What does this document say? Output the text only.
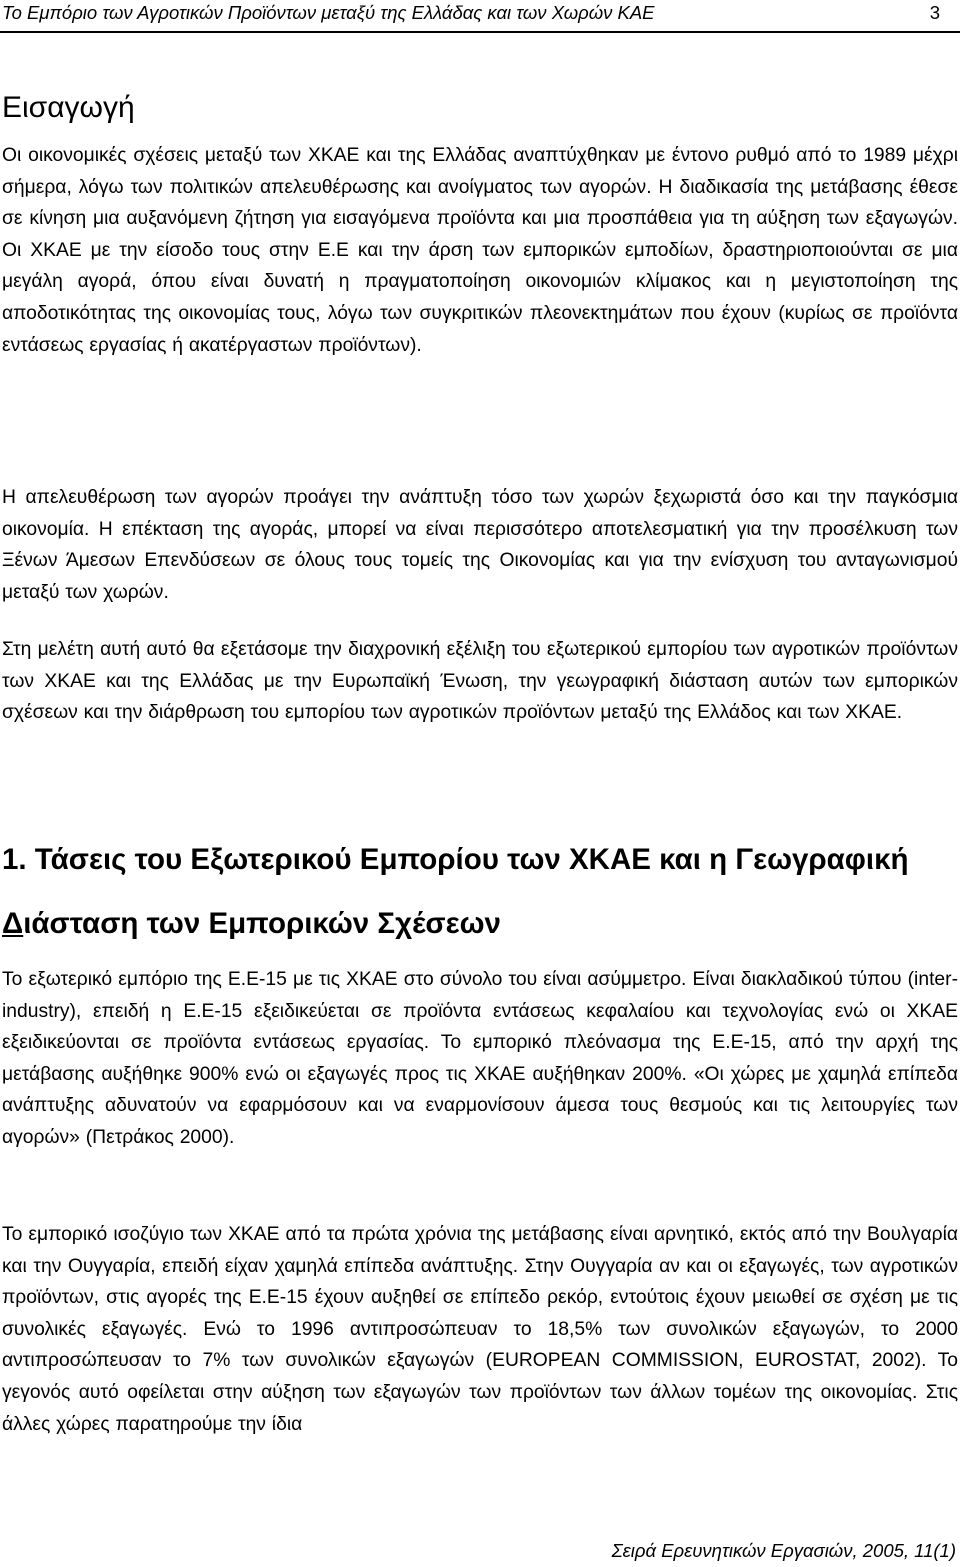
Το Εμπόριο των Αγροτικών Προϊόντων μεταξύ της Ελλάδας και των Χωρών ΚΑΕ	3
Εισαγωγή

Οι οικονομικές σχέσεις μεταξύ των ΧΚΑΕ και της Ελλάδας αναπτύχθηκαν με έντονο ρυθμό από το 1989 μέχρι σήμερα, λόγω των πολιτικών απελευθέρωσης και ανοίγματος των αγορών. Η διαδικασία της μετάβασης έθεσε σε κίνηση μια αυξανόμενη ζήτηση για εισαγόμενα προϊόντα και μια προσπάθεια για τη αύξηση των εξαγωγών. Οι ΧΚΑΕ με την είσοδο τους στην Ε.Ε και την άρση των εμπορικών εμποδίων, δραστηριοποιούνται σε μια μεγάλη αγορά, όπου είναι δυνατή η πραγματοποίηση οικονομιών κλίμακος και η μεγιστοποίηση της αποδοτικότητας της οικονομίας τους, λόγω των συγκριτικών πλεονεκτημάτων που έχουν (κυρίως σε προϊόντα εντάσεως εργασίας ή ακατέργαστων προϊόντων).

Η απελευθέρωση των αγορών προάγει την ανάπτυξη τόσο των χωρών ξεχωριστά όσο και την παγκόσμια οικονομία. Η επέκταση της αγοράς, μπορεί να είναι περισσότερο αποτελεσματική για την προσέλκυση των Ξένων Άμεσων Επενδύσεων σε όλους τους τομείς της Οικονομίας και για την ενίσχυση του ανταγωνισμού μεταξύ των χωρών.

Στη μελέτη αυτή αυτό θα εξετάσομε την διαχρονική εξέλιξη του εξωτερικού εμπορίου των αγροτικών προϊόντων των ΧΚΑΕ και της Ελλάδας με την Ευρωπαϊκή Ένωση, την γεωγραφική διάσταση αυτών των εμπορικών σχέσεων και την διάρθρωση του εμπορίου των αγροτικών προϊόντων μεταξύ της Ελλάδος και των ΧΚΑΕ.

1. Τάσεις του Εξωτερικού Εμπορίου των ΧΚΑΕ και η Γεωγραφική Διάσταση των Εμπορικών Σχέσεων

Το εξωτερικό εμπόριο της Ε.Ε-15 με τις ΧΚΑΕ στο σύνολο του είναι ασύμμετρο. Είναι διακλαδικού τύπου (inter-industry), επειδή η Ε.Ε-15 εξειδικεύεται σε προϊόντα εντάσεως κεφαλαίου και τεχνολογίας ενώ οι ΧΚΑΕ εξειδικεύονται σε προϊόντα εντάσεως εργασίας. Το εμπορικό πλεόνασμα της Ε.Ε-15, από την αρχή της μετάβασης αυξήθηκε 900% ενώ οι εξαγωγές προς τις ΧΚΑΕ αυξήθηκαν 200%. «Οι χώρες με χαμηλά επίπεδα ανάπτυξης αδυνατούν να εφαρμόσουν και να εναρμονίσουν άμεσα τους θεσμούς και τις λειτουργίες των αγορών» (Πετράκος 2000).

Το εμπορικό ισοζύγιο των ΧΚΑΕ από τα πρώτα χρόνια της μετάβασης είναι αρνητικό, εκτός από την Βουλγαρία και την Ουγγαρία, επειδή είχαν χαμηλά επίπεδα ανάπτυξης. Στην Ουγγαρία αν και οι εξαγωγές, των αγροτικών προϊόντων, στις αγορές της Ε.Ε-15 έχουν αυξηθεί σε επίπεδο ρεκόρ, εντούτοις έχουν μειωθεί σε σχέση με τις συνολικές εξαγωγές. Ενώ το 1996 αντιπροσώπευαν το 18,5% των συνολικών εξαγωγών, το 2000 αντιπροσώπευσαν το 7% των συνολικών εξαγωγών (EUROPEAN COMMISSION, EUROSTAT, 2002). Το γεγονός αυτό οφείλεται στην αύξηση των εξαγωγών των προϊόντων των άλλων τομέων της οικονομίας. Στις άλλες χώρες παρατηρούμε την ίδια

Σειρά Ερευνητικών Εργασιών, 2005, 11(1)
